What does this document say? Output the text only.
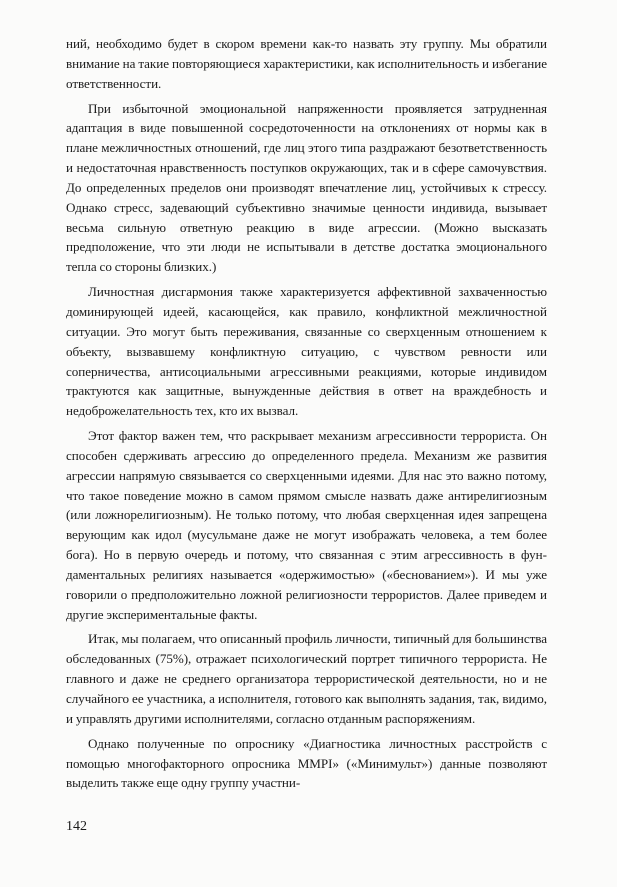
ний, необходимо будет в скором времени как-то назвать эту группу. Мы обратили внимание на такие повторяющиеся характеристики, как исполнительность и избегание ответственности.

При избыточной эмоциональной напряженности проявляется затрудненная адаптация в виде повышенной сосредоточенности на отклонениях от нормы как в плане межличностных отношений, где лиц этого типа раздражают безответственность и недостаточная нравственность поступков окружающих, так и в сфере самочувствия. До определенных пределов они производят впечатление лиц, устойчивых к стрессу. Однако стресс, задевающий субъективно значимые ценности индивида, вызывает весьма сильную ответную реакцию в виде агрессии. (Можно высказать предположение, что эти люди не испытывали в детстве достатка эмоционального тепла со стороны близких.)

Личностная дисгармония также характеризуется аффективной захваченностью доминирующей идеей, касающейся, как правило, конфликтной межличностной ситуации. Это могут быть переживания, связанные со сверхценным отношением к объекту, вызвавшему конфликтную ситуацию, с чувством ревности или соперничества, антисоциальными агрессивными реакциями, которые индивидом трактуются как защитные, вынужденные действия в ответ на враждебность и недоброжелательность тех, кто их вызвал.

Этот фактор важен тем, что раскрывает механизм агрессивности террориста. Он способен сдерживать агрессию до определенного предела. Механизм же развития агрессии напрямую связывается со сверхценными идеями. Для нас это важно потому, что такое поведение можно в самом прямом смысле назвать даже антирелигиозным (или ложнорелигиозным). Не только потому, что любая сверхценная идея запрещена верующим как идол (мусульмане даже не могут изображать человека, а тем более бога). Но в первую очередь и потому, что связанная с этим агрессивность в фундаментальных религиях называется «одержимостью» («беснованием»). И мы уже говорили о предположительно ложной религиозности террористов. Далее приведем и другие экспериментальные факты.

Итак, мы полагаем, что описанный профиль личности, типичный для большинства обследованных (75%), отражает психологический портрет типичного террориста. Не главного и даже не среднего организатора террористической деятельности, но и не случайного ее участника, а исполнителя, готового как выполнять задания, так, видимо, и управлять другими исполнителями, согласно отданным распоряжениям.

Однако полученные по опроснику «Диагностика личностных расстройств с помощью многофакторного опросника MMPI» («Минимульт») данные позволяют выделить также еще одну группу участни-

142
